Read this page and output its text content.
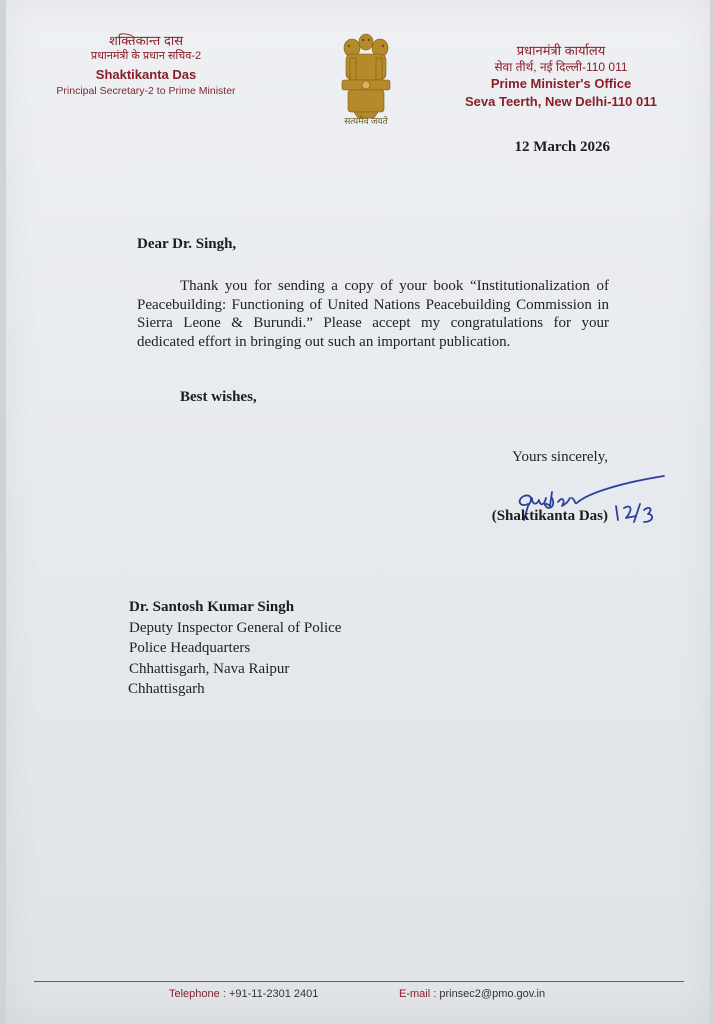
शक्तिकान्त दास
प्रधानमंत्री के प्रधान सचिव-2
Shaktikanta Das
Principal Secretary-2 to Prime Minister
सत्यमेव जयते
प्रधानमंत्री कार्यालय
सेवा तीर्थ, नई दिल्ली-110 011
Prime Minister's Office
Seva Teerth, New Delhi-110 011
12 March 2026
Dear Dr. Singh,
Thank you for sending a copy of your book “Institutionalization of Peacebuilding: Functioning of United Nations Peacebuilding Commission in Sierra Leone & Burundi.” Please accept my congratulations for your dedicated effort in bringing out such an important publication.
Best wishes,
Yours sincerely,
(Shaktikanta Das)
Dr. Santosh Kumar Singh
Deputy Inspector General of Police
Police Headquarters
Chhattisgarh, Nava Raipur
Chhattisgarh
Telephone : +91-11-2301 2401	E-mail : prinsec2@pmo.gov.in
